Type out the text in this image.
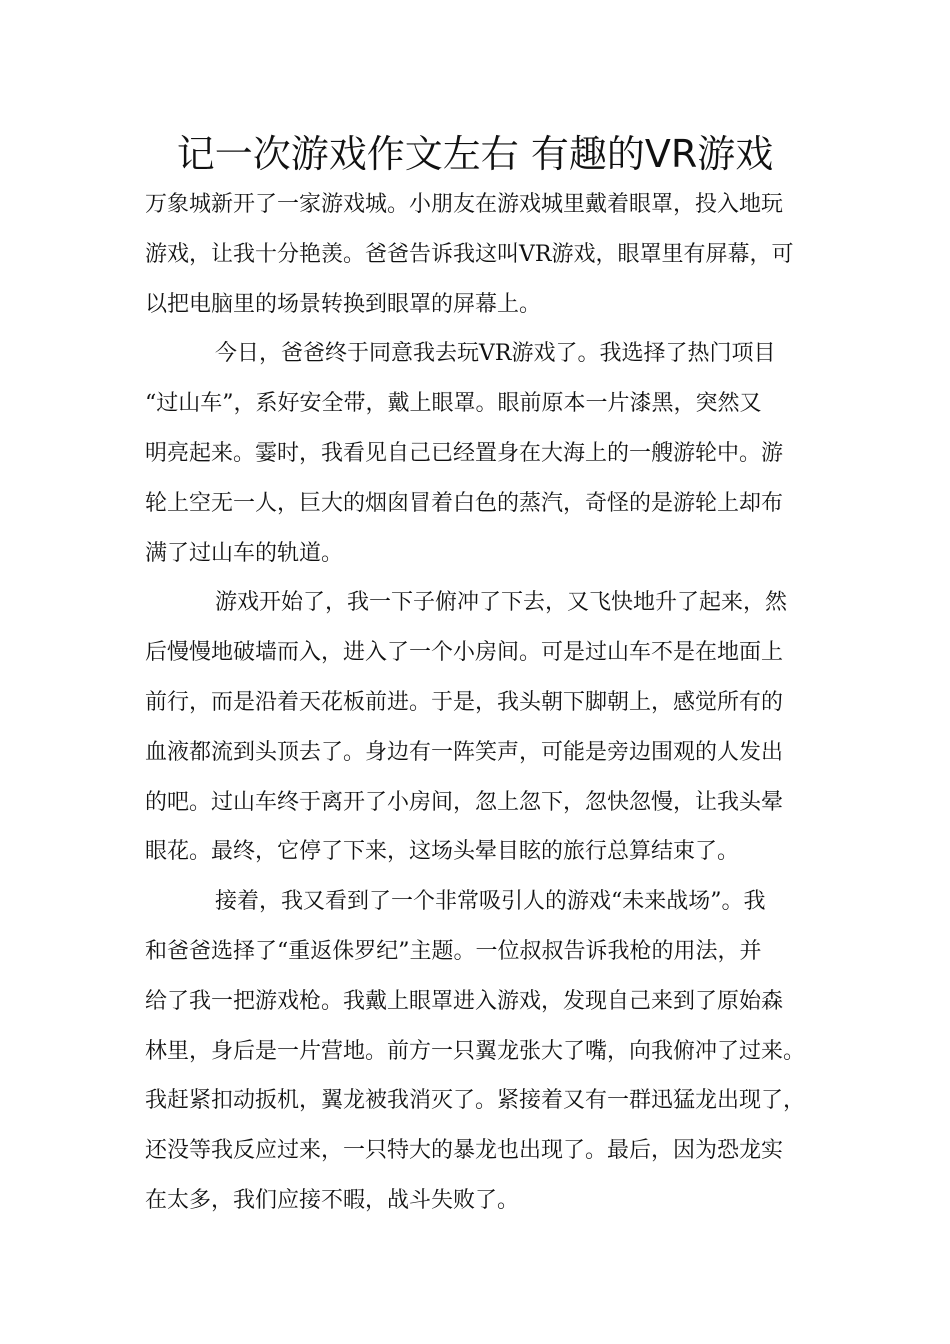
记一次游戏作文左右 有趣的VR游戏

万象城新开了一家游戏城。小朋友在游戏城里戴着眼罩，投入地玩

游戏，让我十分艳羡。爸爸告诉我这叫VR游戏，眼罩里有屏幕，可

以把电脑里的场景转换到眼罩的屏幕上。

今日，爸爸终于同意我去玩VR游戏了。我选择了热门项目

“过山车”，系好安全带，戴上眼罩。眼前原本一片漆黑，突然又

明亮起来。霎时，我看见自己已经置身在大海上的一艘游轮中。游

轮上空无一人，巨大的烟囱冒着白色的蒸汽，奇怪的是游轮上却布

满了过山车的轨道。

游戏开始了，我一下子俯冲了下去，又飞快地升了起来，然

后慢慢地破墙而入，进入了一个小房间。可是过山车不是在地面上

前行，而是沿着天花板前进。于是，我头朝下脚朝上，感觉所有的

血液都流到头顶去了。身边有一阵笑声，可能是旁边围观的人发出

的吧。过山车终于离开了小房间，忽上忽下，忽快忽慢，让我头晕

眼花。最终，它停了下来，这场头晕目眩的旅行总算结束了。

接着，我又看到了一个非常吸引人的游戏“未来战场”。我

和爸爸选择了“重返侏罗纪”主题。一位叔叔告诉我枪的用法，并

给了我一把游戏枪。我戴上眼罩进入游戏，发现自己来到了原始森

林里，身后是一片营地。前方一只翼龙张大了嘴，向我俯冲了过来。

我赶紧扣动扳机，翼龙被我消灭了。紧接着又有一群迅猛龙出现了，

还没等我反应过来，一只特大的暴龙也出现了。最后，因为恐龙实

在太多，我们应接不暇，战斗失败了。
